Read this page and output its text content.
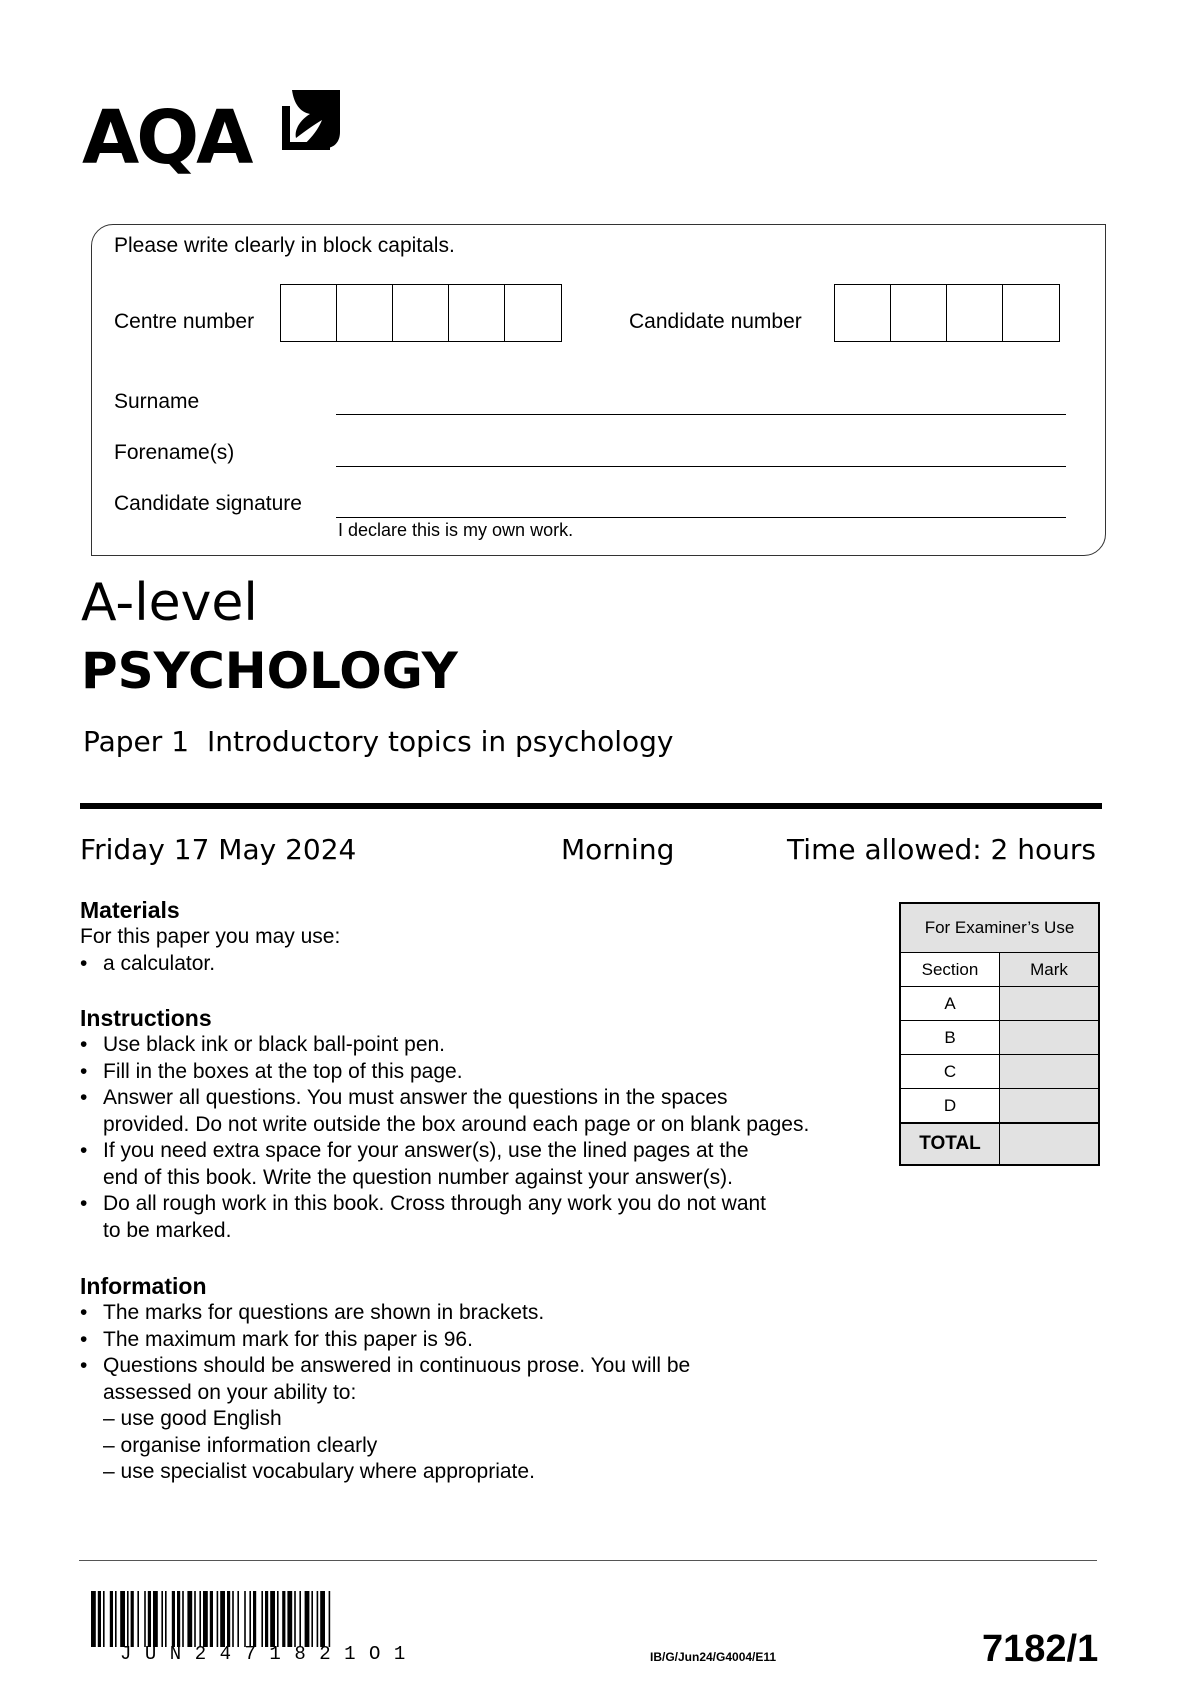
AQA
Please write clearly in block capitals.
Centre number	Candidate number
Surname
Forename(s)
Candidate signature
I declare this is my own work.
A-level
PSYCHOLOGY
Paper 1 Introductory topics in psychology
Friday 17 May 2024	Morning	Time allowed: 2 hours
Materials
For this paper you may use:
• a calculator.
Instructions
• Use black ink or black ball-point pen.
• Fill in the boxes at the top of this page.
• Answer all questions. You must answer the questions in the spaces
provided. Do not write outside the box around each page or on blank pages.
• If you need extra space for your answer(s), use the lined pages at the
end of this book. Write the question number against your answer(s).
• Do all rough work in this book. Cross through any work you do not want
to be marked.
Information
• The marks for questions are shown in brackets.
• The maximum mark for this paper is 96.
• Questions should be answered in continuous prose. You will be
assessed on your ability to:
– use good English
– organise information clearly
– use specialist vocabulary where appropriate.
For Examiner’s Use
Section	Mark
A
B
C
D
TOTAL
JUN2471821O1	IB/G/Jun24/G4004/E11	7182/1
